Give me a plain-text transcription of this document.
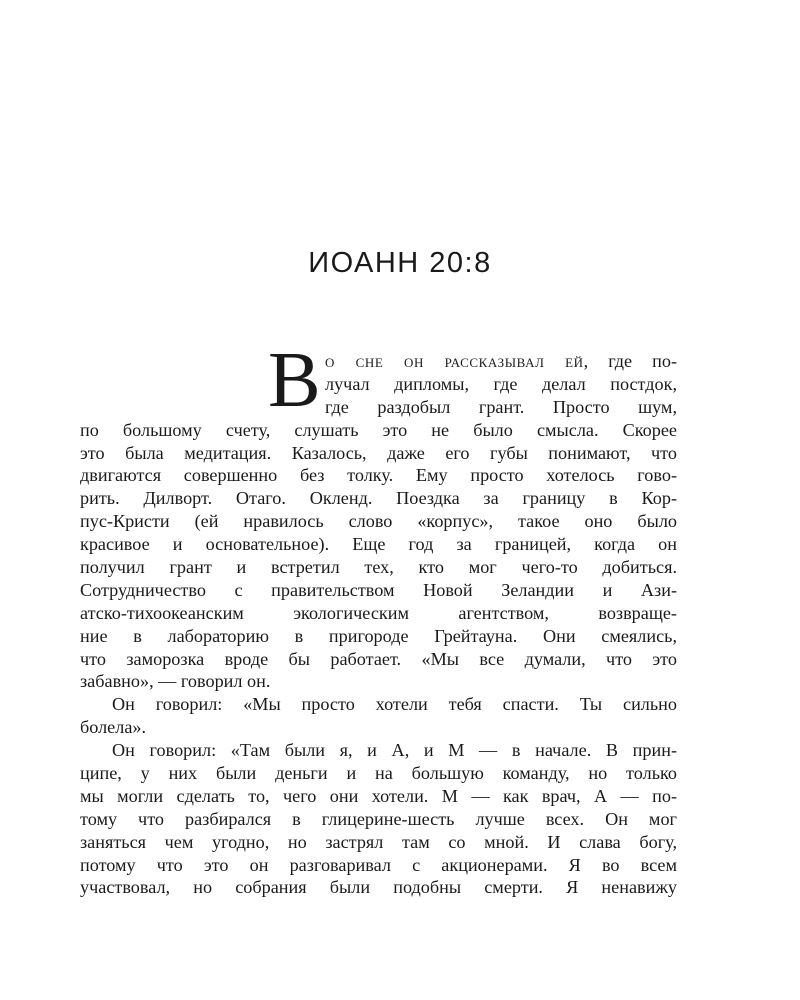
ИОАНН 20:8
В о сне он рассказывал ей, где по-
лучал дипломы, где делал постдок,
где раздобыл грант. Просто шум,
по большому счету, слушать это не было смысла. Скорее
это была медитация. Казалось, даже его губы понимают, что
двигаются совершенно без толку. Ему просто хотелось гово-
рить. Дилворт. Отаго. Окленд. Поездка за границу в Кор-
пус-Кристи (ей нравилось слово «корпус», такое оно было
красивое и основательное). Еще год за границей, когда он
получил грант и встретил тех, кто мог чего-то добиться.
Сотрудничество с правительством Новой Зеландии и Ази-
атско-тихоокеанским экологическим агентством, возвраще-
ние в лабораторию в пригороде Грейтауна. Они смеялись,
что заморозка вроде бы работает. «Мы все думали, что это
забавно», — говорил он.
Он говорил: «Мы просто хотели тебя спасти. Ты сильно
болела».
Он говорил: «Там были я, и А, и М — в начале. В прин-
ципе, у них были деньги и на большую команду, но только
мы могли сделать то, чего они хотели. М — как врач, А — по-
тому что разбирался в глицерине-шесть лучше всех. Он мог
заняться чем угодно, но застрял там со мной. И слава богу,
потому что это он разговаривал с акционерами. Я во всем
участвовал, но собрания были подобны смерти. Я ненавижу
